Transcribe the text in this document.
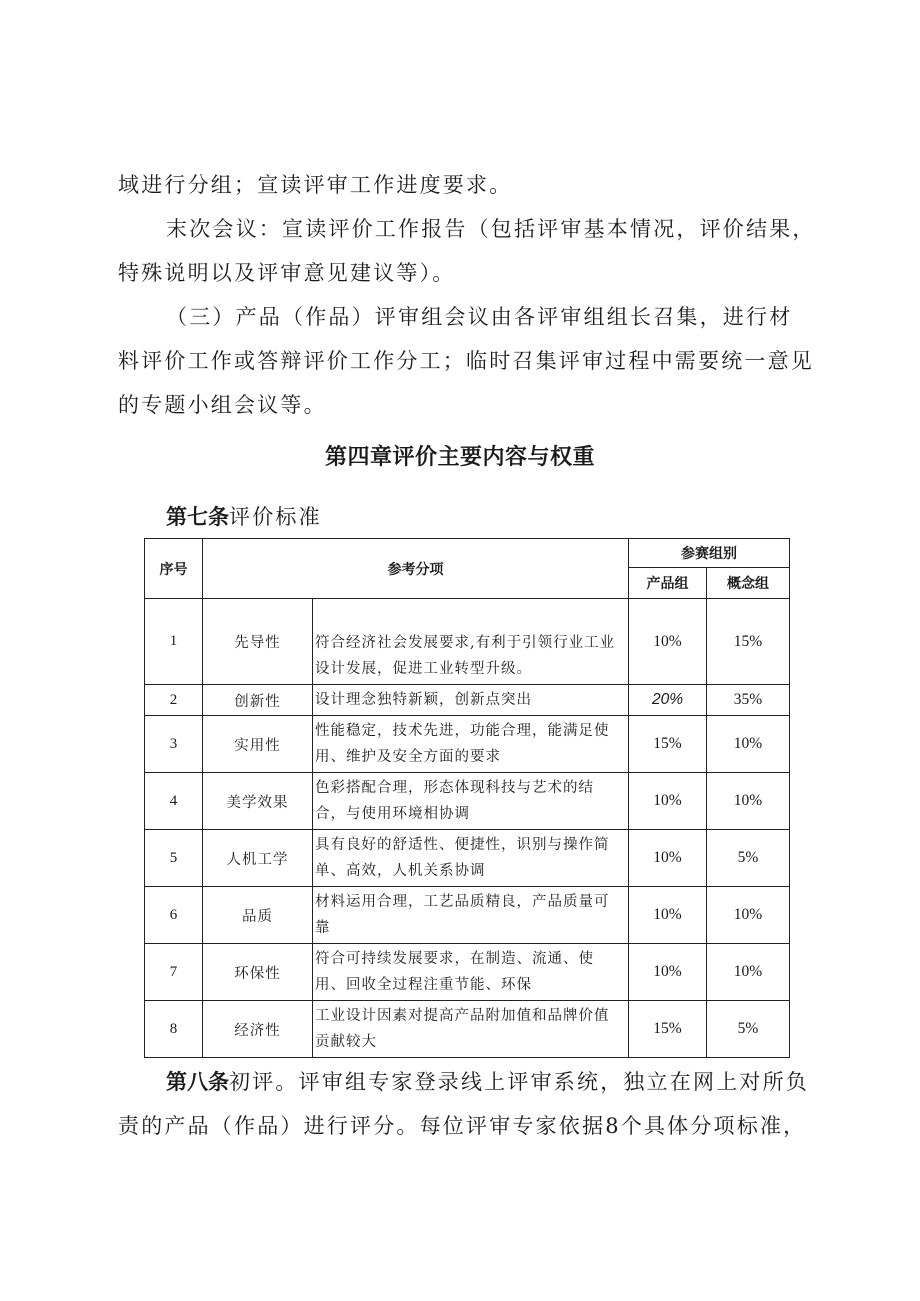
域进行分组；宣读评审工作进度要求。
末次会议：宣读评价工作报告（包括评审基本情况，评价结果，
特殊说明以及评审意见建议等）。
（三）产品（作品）评审组会议由各评审组组长召集，进行材
料评价工作或答辩评价工作分工；临时召集评审过程中需要统一意见
的专题小组会议等。
第四章评价主要内容与权重
第七条评价标准
序号	参考分项		参赛组别	
			产品组	概念组
1	先导性	符合经济社会发展要求,有利于引领行业工业设计发展，促进工业转型升级。	10%	15%
2	创新性	设计理念独特新颖，创新点突出	20%	35%
3	实用性	性能稳定，技术先进，功能合理，能满足使用、维护及安全方面的要求	15%	10%
4	美学效果	色彩搭配合理，形态体现科技与艺术的结合，与使用环境相协调	10%	10%
5	人机工学	具有良好的舒适性、便捷性，识别与操作简单、高效，人机关系协调	10%	5%
6	品质	材料运用合理，工艺品质精良，产品质量可靠	10%	10%
7	环保性	符合可持续发展要求，在制造、流通、使用、回收全过程注重节能、环保	10%	10%
8	经济性	工业设计因素对提高产品附加值和品牌价值贡献较大	15%	5%
第八条初评。评审组专家登录线上评审系统，独立在网上对所负
责的产品（作品）进行评分。每位评审专家依据8个具体分项标准，
